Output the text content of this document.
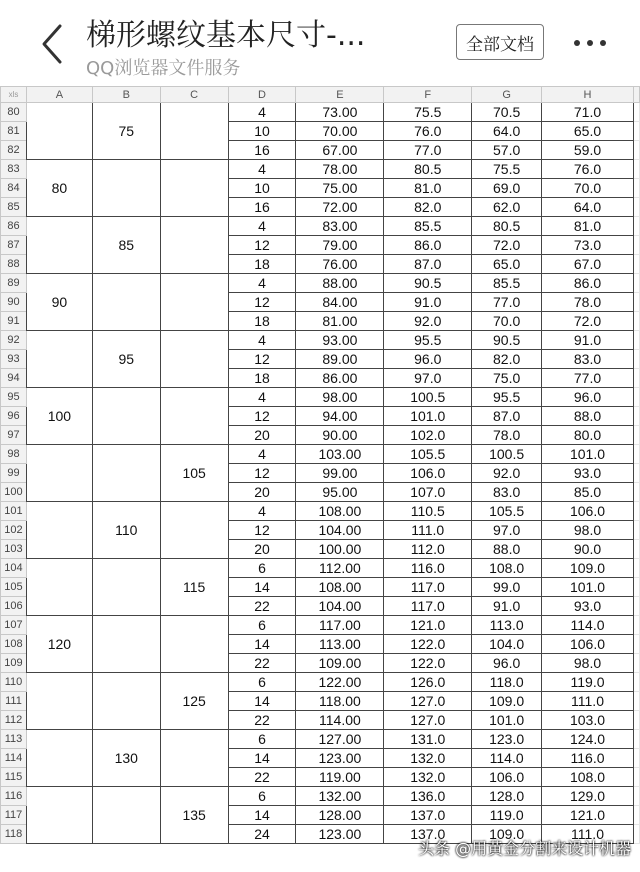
梯形螺纹基本尺寸-...
QQ浏览器文件服务
全部文档
xls	A	B	C	D	E	F	G	H	
80		75		4	73.00	75.5	70.5	71.0	
81				10	70.00	76.0	64.0	65.0	
82				16	67.00	77.0	57.0	59.0	
83	80			4	78.00	80.5	75.5	76.0	
84				10	75.00	81.0	69.0	70.0	
85				16	72.00	82.0	62.0	64.0	
86		85		4	83.00	85.5	80.5	81.0	
87				12	79.00	86.0	72.0	73.0	
88				18	76.00	87.0	65.0	67.0	
89	90			4	88.00	90.5	85.5	86.0	
90				12	84.00	91.0	77.0	78.0	
91				18	81.00	92.0	70.0	72.0	
92		95		4	93.00	95.5	90.5	91.0	
93				12	89.00	96.0	82.0	83.0	
94				18	86.00	97.0	75.0	77.0	
95	100			4	98.00	100.5	95.5	96.0	
96				12	94.00	101.0	87.0	88.0	
97				20	90.00	102.0	78.0	80.0	
98			105	4	103.00	105.5	100.5	101.0	
99				12	99.00	106.0	92.0	93.0	
100				20	95.00	107.0	83.0	85.0	
101		110		4	108.00	110.5	105.5	106.0	
102				12	104.00	111.0	97.0	98.0	
103				20	100.00	112.0	88.0	90.0	
104			115	6	112.00	116.0	108.0	109.0	
105				14	108.00	117.0	99.0	101.0	
106				22	104.00	117.0	91.0	93.0	
107	120			6	117.00	121.0	113.0	114.0	
108				14	113.00	122.0	104.0	106.0	
109				22	109.00	122.0	96.0	98.0	
110			125	6	122.00	126.0	118.0	119.0	
111				14	118.00	127.0	109.0	111.0	
112				22	114.00	127.0	101.0	103.0	
113		130		6	127.00	131.0	123.0	124.0	
114				14	123.00	132.0	114.0	116.0	
115				22	119.00	132.0	106.0	108.0	
116			135	6	132.00	136.0	128.0	129.0	
117				14	128.00	137.0	119.0	121.0	
118				24	123.00	137.0	109.0	111.0	
头条 @用黄金分割来设计机器
